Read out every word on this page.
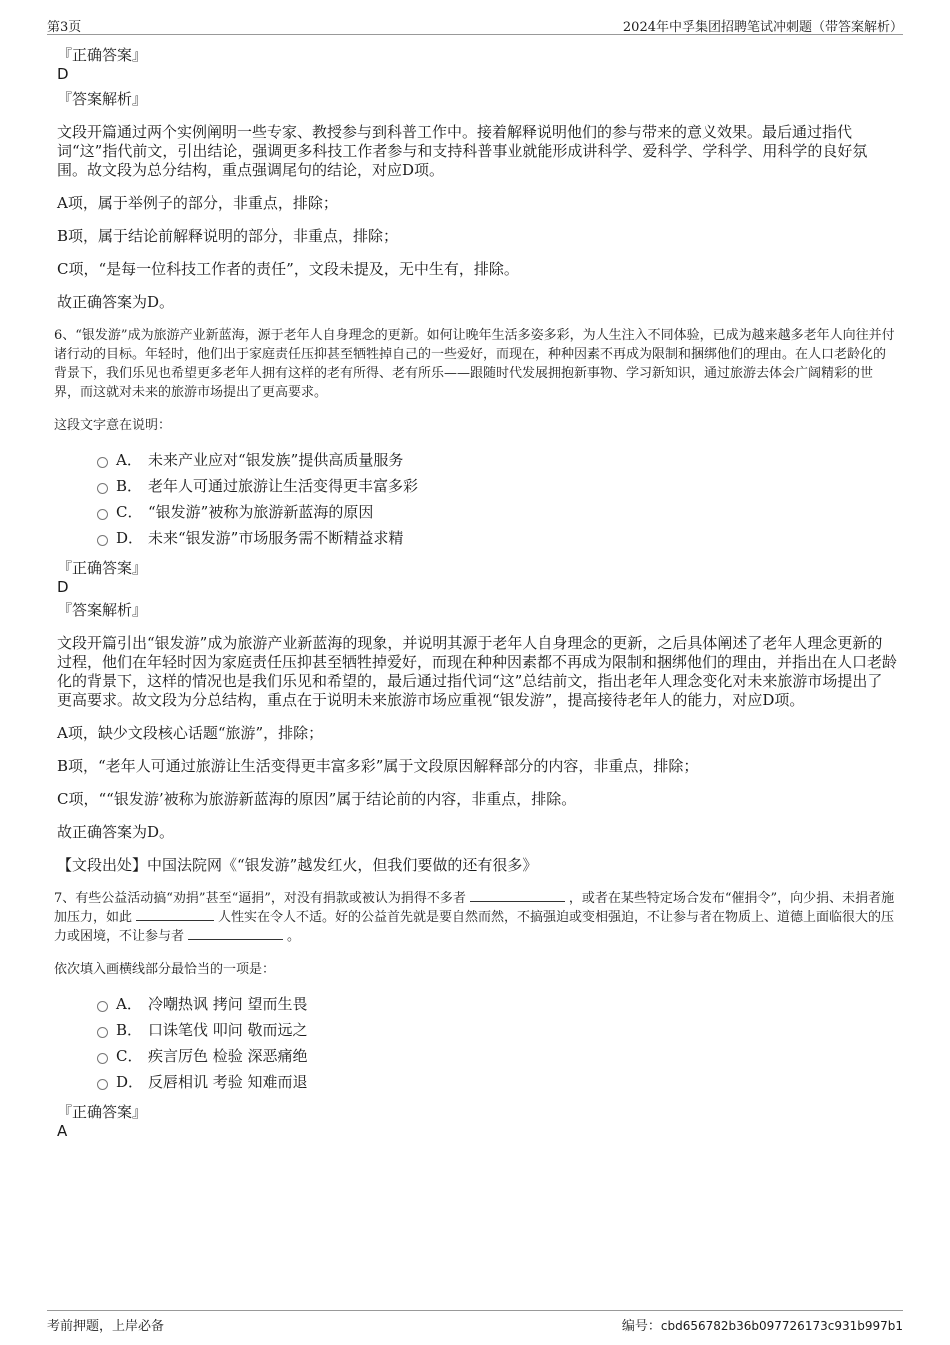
第3页	2024年中孚集团招聘笔试冲刺题（带答案解析）

『正确答案』

D

『答案解析』

文段开篇通过两个实例阐明一些专家、教授参与到科普工作中。接着解释说明他们的参与带来的意义效果。最后通过指代词“这”指代前文，引出结论，强调更多科技工作者参与和支持科普事业就能形成讲科学、爱科学、学科学、用科学的良好氛围。故文段为总分结构，重点强调尾句的结论，对应D项。

A项，属于举例子的部分，非重点，排除；

B项，属于结论前解释说明的部分，非重点，排除；

C项，“是每一位科技工作者的责任”，文段未提及，无中生有，排除。

故正确答案为D。

6、“银发游”成为旅游产业新蓝海，源于老年人自身理念的更新。如何让晚年生活多姿多彩，为人生注入不同体验，已成为越来越多老年人向往并付诸行动的目标。年轻时，他们出于家庭责任压抑甚至牺牲掉自己的一些爱好，而现在，种种因素不再成为限制和捆绑他们的理由。在人口老龄化的背景下，我们乐见也希望更多老年人拥有这样的老有所得、老有所乐——跟随时代发展拥抱新事物、学习新知识，通过旅游去体会广阔精彩的世界，而这就对未来的旅游市场提出了更高要求。

这段文字意在说明：

A． 未来产业应对“银发族”提供高质量服务
B． 老年人可通过旅游让生活变得更丰富多彩
C． “银发游”被称为旅游新蓝海的原因
D． 未来“银发游”市场服务需不断精益求精

『正确答案』

D

『答案解析』

文段开篇引出“银发游”成为旅游产业新蓝海的现象，并说明其源于老年人自身理念的更新，之后具体阐述了老年人理念更新的过程，他们在年轻时因为家庭责任压抑甚至牺牲掉爱好，而现在种种因素都不再成为限制和捆绑他们的理由，并指出在人口老龄化的背景下，这样的情况也是我们乐见和希望的，最后通过指代词“这”总结前文，指出老年人理念变化对未来旅游市场提出了更高要求。故文段为分总结构，重点在于说明未来旅游市场应重视“银发游”，提高接待老年人的能力，对应D项。

A项，缺少文段核心话题“旅游”，排除；

B项，“老年人可通过旅游让生活变得更丰富多彩”属于文段原因解释部分的内容，非重点，排除；

C项，““银发游’被称为旅游新蓝海的原因”属于结论前的内容，非重点，排除。

故正确答案为D。

【文段出处】中国法院网《“银发游”越发红火，但我们要做的还有很多》

7、有些公益活动搞“劝捐”甚至“逼捐”，对没有捐款或被认为捐得不多者	，或者在某些特定场合发布“催捐令”，向少捐、未捐者施加压力，如此	人性实在令人不适。好的公益首先就是要自然而然，不搞强迫或变相强迫，不让参与者在物质上、道德上面临很大的压力或困境，不让参与者	。

依次填入画横线部分最恰当的一项是：

A． 冷嘲热讽 拷问 望而生畏
B． 口诛笔伐 叩问 敬而远之
C． 疾言厉色 检验 深恶痛绝
D． 反唇相讥 考验 知难而退

『正确答案』

A

考前押题，上岸必备	编号：cbd656782b36b097726173c931b997b1
